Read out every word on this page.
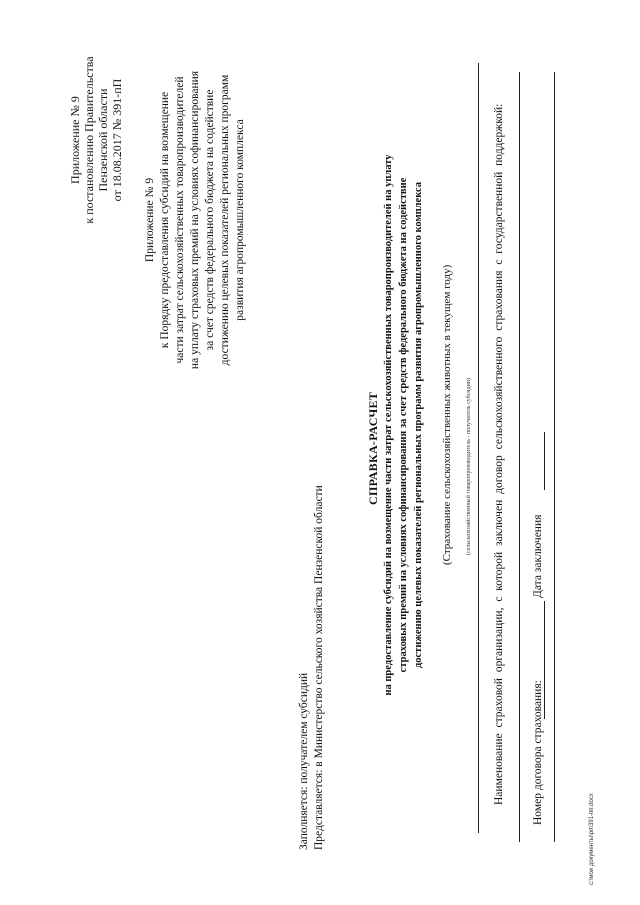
Приложение № 9 к постановлению Правительства Пензенской области от 18.08.2017 № 391-пП
Приложение № 9 к Порядку предоставления субсидий на возмещение части затрат сельскохозяйственных товаропроизводителей на уплату страховых премий на условиях софинансирования за счет средств федерального бюджета на содействие достижению целевых показателей региональных программ развития агропромышленного комплекса
Заполняется: получателем субсидий Представляется: в Министерство сельского хозяйства Пензенской области
СПРАВКА-РАСЧЕТ на предоставление субсидий на возмещение части затрат сельскохозяйственных товаропроизводителей на уплату страховых премий на условиях софинансирования за счет средств федерального бюджета на содействие достижению целевых показателей региональных программ развития агропромышленного комплекса (Страхование сельскохозяйственных животных в текущем году) (сельскохозяйственный товаропроизводитель - получатель субсидии) Наименование страховой организации, с которой заключен договор сельскохозяйственного страхования с государственной поддержкой: Номер договора страхования:
Дата заключения
c:\мои документы\рп\391-пп.docx
